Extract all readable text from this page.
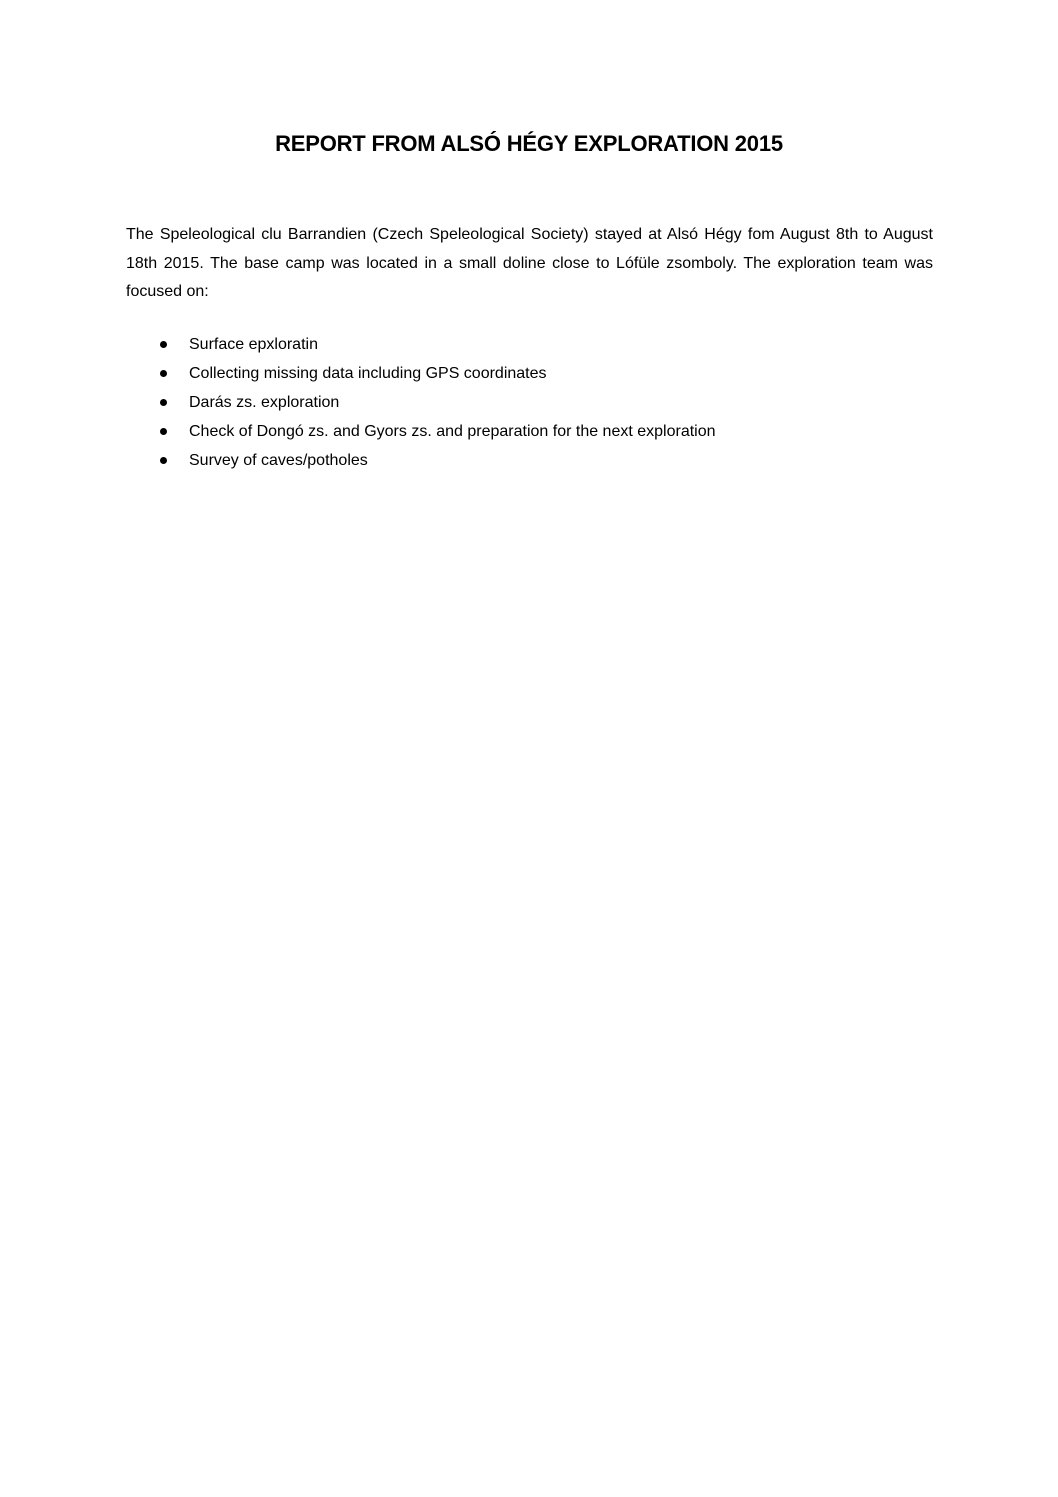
REPORT FROM ALSÓ HÉGY EXPLORATION 2015

The Speleological clu Barrandien (Czech Speleological Society) stayed at Alsó Hégy fom August 8th to August 18th 2015. The base camp was located in a small doline close to Lófüle zsomboly. The exploration team was focused on:

Surface epxloratin
Collecting missing data including GPS coordinates
Darás zs. exploration
Check of Dongó zs. and Gyors zs. and preparation for the next exploration
Survey of caves/potholes
